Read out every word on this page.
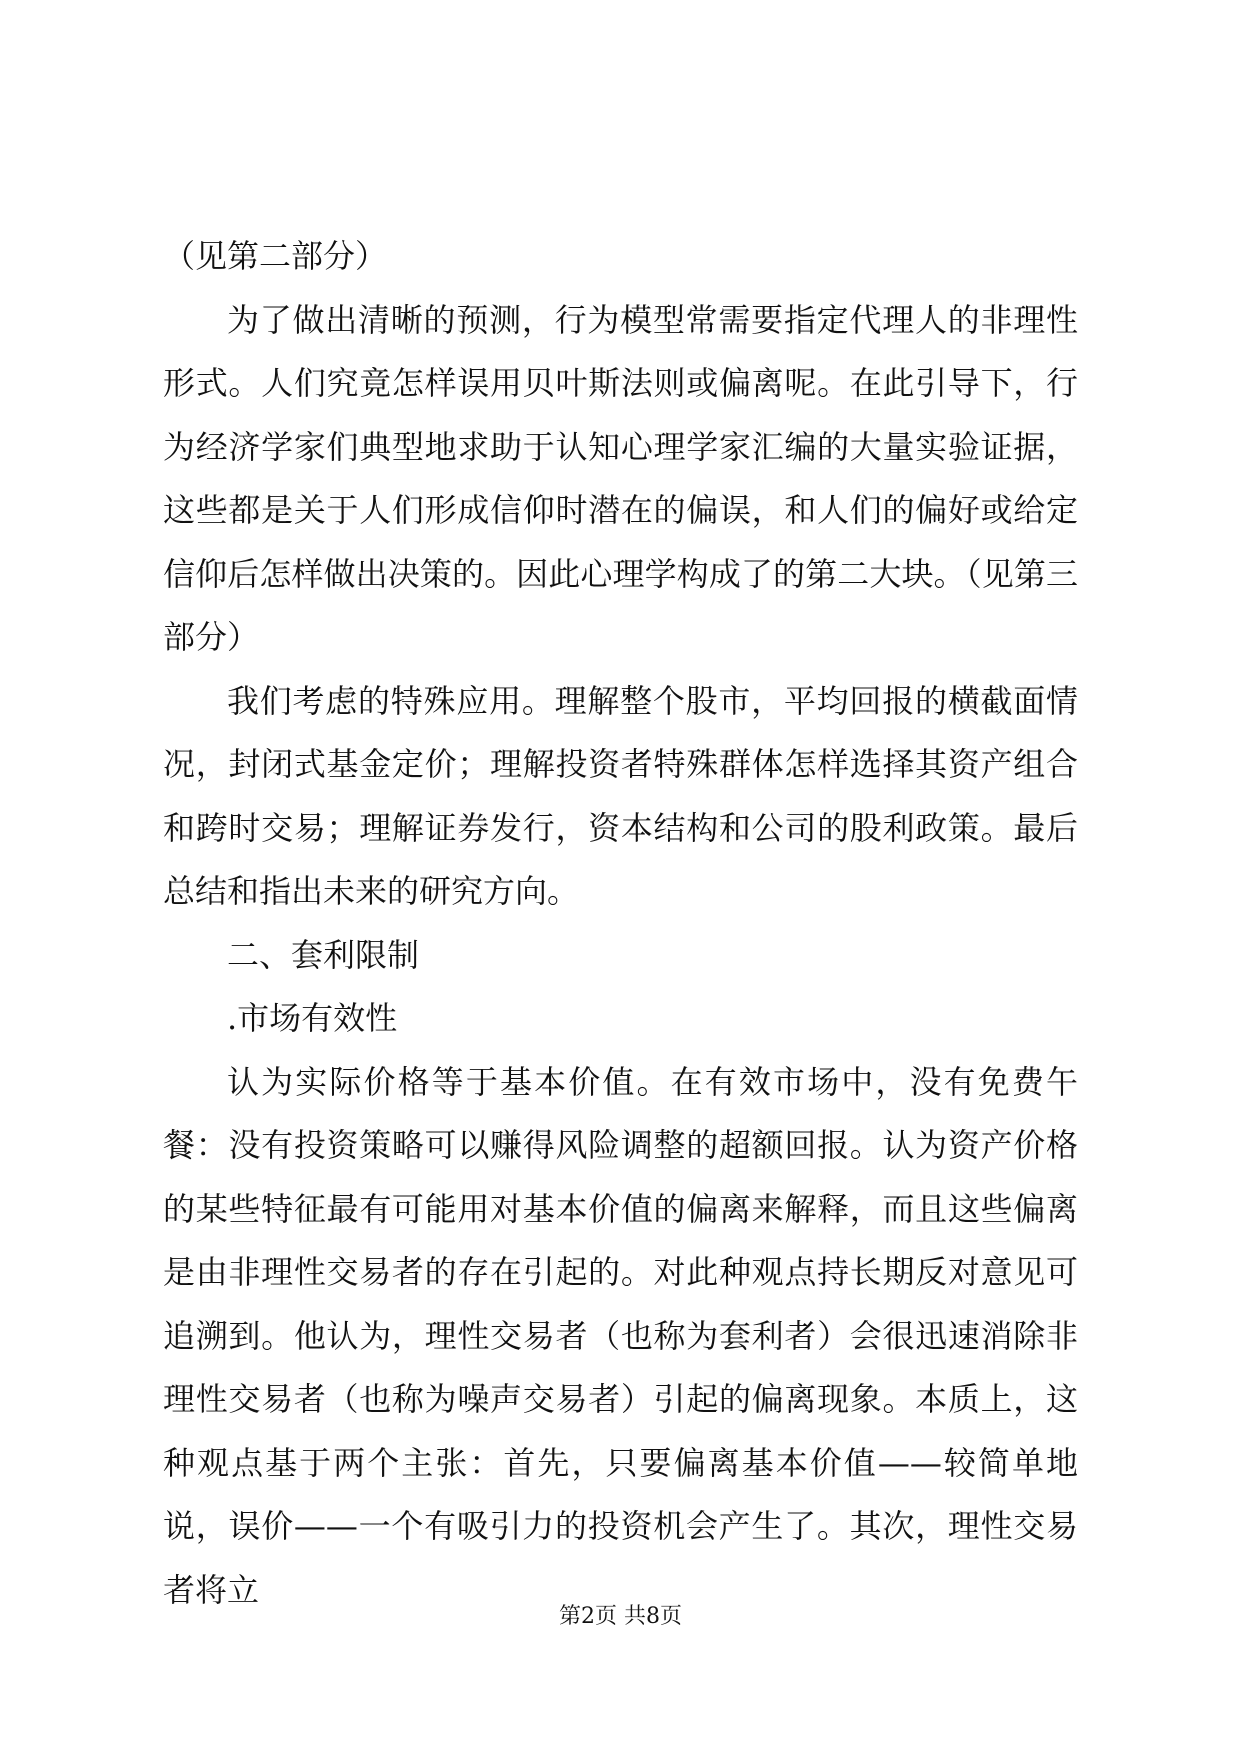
（见第二部分）

为了做出清晰的预测，行为模型常需要指定代理人的非理性形式。人们究竟怎样误用贝叶斯法则或偏离呢。在此引导下，行为经济学家们典型地求助于认知心理学家汇编的大量实验证据，这些都是关于人们形成信仰时潜在的偏误，和人们的偏好或给定信仰后怎样做出决策的。因此心理学构成了的第二大块。（见第三部分）

我们考虑的特殊应用。理解整个股市，平均回报的横截面情况，封闭式基金定价；理解投资者特殊群体怎样选择其资产组合和跨时交易；理解证券发行，资本结构和公司的股利政策。最后总结和指出未来的研究方向。

二、套利限制

.市场有效性

认为实际价格等于基本价值。在有效市场中，没有免费午餐：没有投资策略可以赚得风险调整的超额回报。认为资产价格的某些特征最有可能用对基本价值的偏离来解释，而且这些偏离是由非理性交易者的存在引起的。对此种观点持长期反对意见可追溯到。他认为，理性交易者（也称为套利者）会很迅速消除非理性交易者（也称为噪声交易者）引起的偏离现象。本质上，这种观点基于两个主张：首先，只要偏离基本价值——较简单地说，误价——一个有吸引力的投资机会产生了。其次，理性交易者将立

第2页 共8页
